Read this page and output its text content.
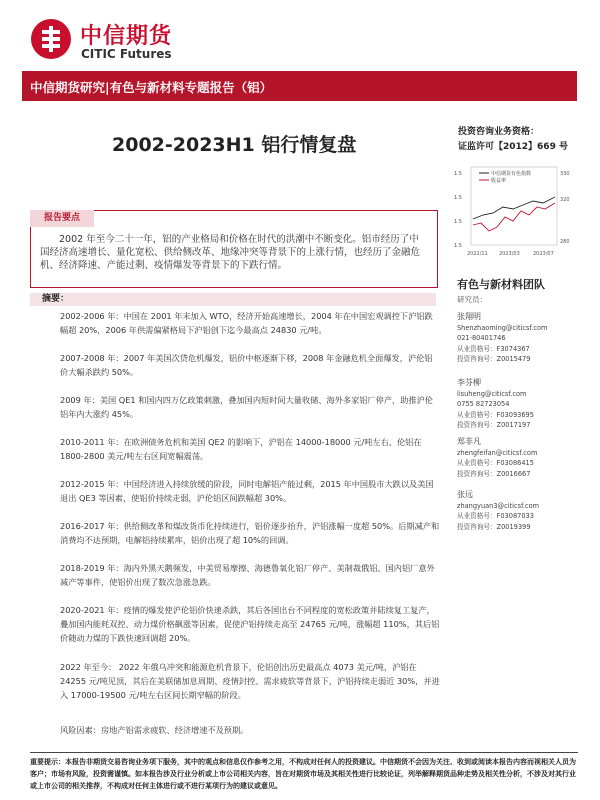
中信期货
CITIC Futures
中信期货研究|有色与新材料专题报告（铝）	2023-9-12
2002-2023H1 铝行情复盘
投资咨询业务资格：
证监许可【2012】669 号
中信期货有色指数
收益率
1.5
1.5
1.5
1.5
330
320
280
2022/11 2023/03	2023/07
报告要点
2002 年至今二十一年，铝的产业格局和价格在时代的洪潮中不断变化。铝市经历了中国经济高速增长、量化宽松、供给侧改革、地缘冲突等背景下的上涨行情，也经历了金融危机、经济降速、产能过剩、疫情爆发等背景下的下跌行情。
摘要：
2002-2006 年：中国在 2001 年末加入 WTO，经济开始高速增长，2004 年在中国宏观调控下沪铝跌幅超 20%，2006 年供需偏紧格局下沪铝创下迄今最高点 24830 元/吨。
2007-2008 年：2007 年美国次贷危机爆发，铝价中枢逐渐下移，2008 年金融危机全面爆发，沪伦铝价大幅杀跌约 50%。
2009 年：美国 QE1 和国内四万亿政策刺激，叠加国内短时间大量收储、海外多家铝厂停产，助推沪伦铝年内大涨约 45%。
2010-2011 年：在欧洲债务危机和美国 QE2 的影响下，沪铝在 14000-18000 元/吨左右、伦铝在 1800-2800 美元/吨左右区间宽幅震荡。
2012-2015 年：中国经济进入持续放缓的阶段，同时电解铝产能过剩，2015 年中国股市大跌以及美国退出 QE3 等因素，使铝价持续走弱，沪伦铝区间跌幅超 30%。
2016-2017 年：供给侧改革和煤改货币化持续进行，铝价逐步抬升，沪铝涨幅一度超 50%。后期减产和消费均不达预期，电解铝持续累库，铝价出现了超 10%的回调。
2018-2019 年：海内外黑天鹅频发，中美贸易摩擦、海德鲁氧化铝厂停产、美制裁俄铝、国内铝厂意外减产等事件，使铝价出现了数次急涨急跌。
2020-2021 年：疫情的爆发使沪伦铝价快速杀跌，其后各国出台不同程度的宽松政策并陆续复工复产，疊加国内能耗双控、动力煤价格飙涨等因素，促使沪铝持续走高至 24765 元/吨，涨幅超 110%，其后铝价随动力煤的下跌快速回调超 20%。
2022 年至今： 2022 年俄乌冲突和能源危机背景下，伦铝创出历史最高点 4073 美元/吨，沪铝在 24255 元/吨见顶，其后在美联储加息周期、疫情封控、需求疲软等背景下，沪铝持续走弱近 30%，并进入 17000-19500 元/吨左右区间长期窄幅的阶段。
风险因素：房地产铝需求疲软、经济增速不及预期。
有色与新材料团队
研究员：
张翔明
Shenzhaoming@citicsf.com
021-80401746
从业资格号：F3074367
投资咨询号：Z0015479
李芬柳
lisuheng@citicsf.com
0755 82723054
从业资格号：F03093695
投资咨询号：Z0017197
郑非凡
zhengfeifan@citicsf.com
从业资格号：F03086415
投资咨询号：Z0016667
张远
zhangyuan3@citicsf.com
从业资格号：F03087033
投资咨询号：Z0019399
重要提示：本报告非期货交易咨询业务项下服务，其中的观点和信息仅作参考之用，不构成对任何人的投资建议。中信期货不会因为关注、收到或阅读本报告内容而视相关人员为客户；市场有风险，投资需谨慎。如本报告涉及行业分析或上市公司相关内容，旨在对期货市场及其相关性进行比较论证，列举解释期货品种走势及相关性分析，不涉及对其行业或上市公司的相关推荐，不构成对任何主体进行或不进行某项行为的建议或意见。
